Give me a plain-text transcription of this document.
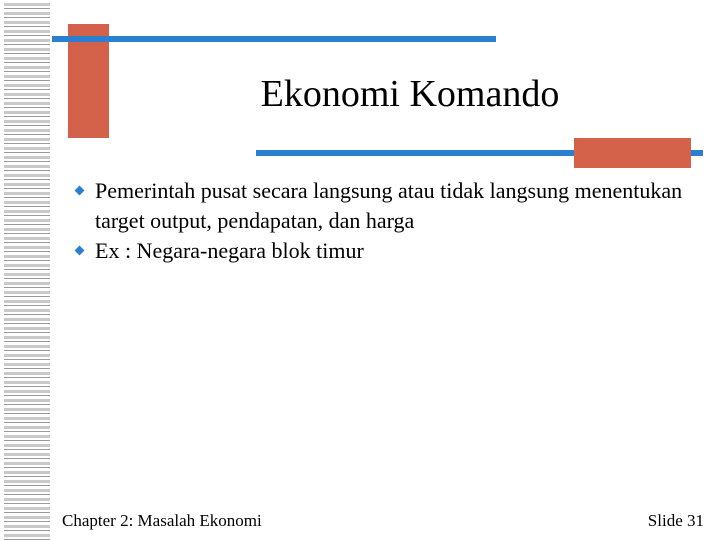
Ekonomi Komando
Pemerintah pusat secara langsung atau tidak langsung menentukan target output, pendapatan, dan harga
Ex : Negara-negara blok timur
Chapter 2: Masalah Ekonomi	Slide 31
